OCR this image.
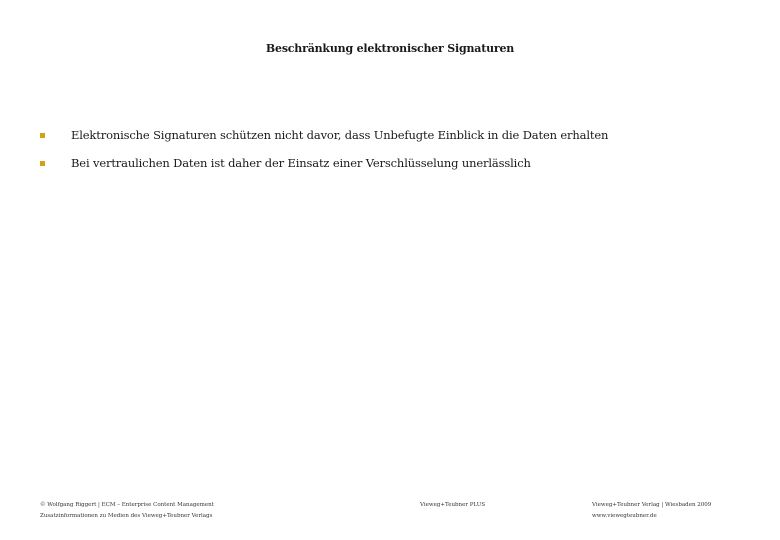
Beschränkung elektronischer Signaturen
Elektronische Signaturen schützen nicht davor, dass Unbefugte Einblick in die Daten erhalten
Bei vertraulichen Daten ist daher der Einsatz einer Verschlüsselung unerlässlich
© Wolfgang Riggert | ECM – Enterprise Content Management
Zusatzinformationen zu Medien des Vieweg+Teubner Verlags
Vieweg+Teubner PLUS	Vieweg+Teubner Verlag | Wiesbaden 2009
www.viewegteubner.de
